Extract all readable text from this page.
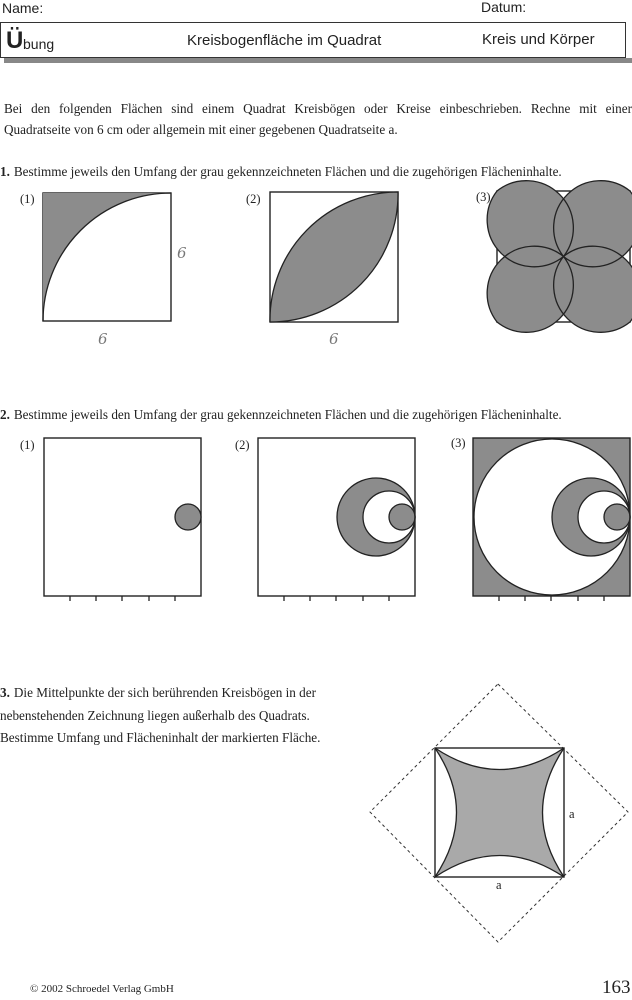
Name:	Datum:
Ü bung	Kreisbogenfläche im Quadrat	Kreis und Körper
Bei den folgenden Flächen sind einem Quadrat Kreisbögen oder Kreise einbeschrieben. Rechne mit einer
Quadratseite von 6 cm oder allgemein mit einer gegebenen Quadratseite a.
1. Bestimme jeweils den Umfang der grau gekennzeichneten Flächen und die zugehörigen Flächeninhalte.
(1)	(2)	(3)
6
6	6
2. Bestimme jeweils den Umfang der grau gekennzeichneten Flächen und die zugehörigen Flächeninhalte.
(1)	(2)	(3)
3. Die Mittelpunkte der sich berührenden Kreisbögen in der nebenstehenden Zeichnung liegen außerhalb des Quadrats. Bestimme Umfang und Flächeninhalt der markierten Fläche.
a
a
© 2002 Schroedel Verlag GmbH	163
